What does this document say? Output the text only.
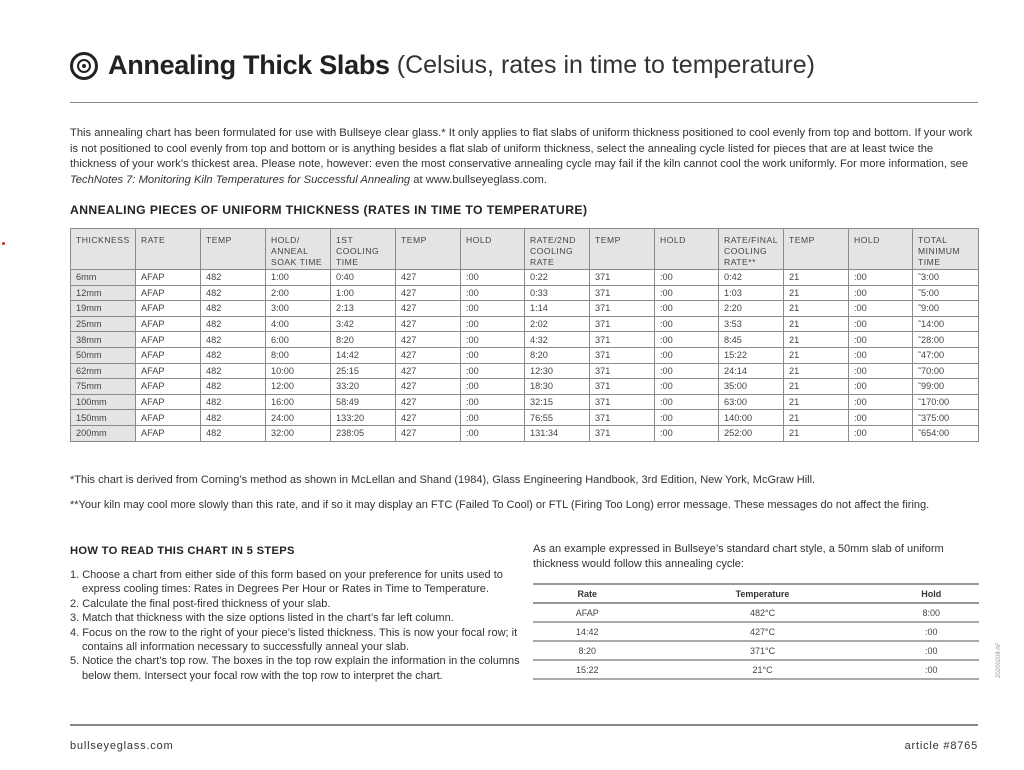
Annealing Thick Slabs (Celsius, rates in time to temperature)
This annealing chart has been formulated for use with Bullseye clear glass.* It only applies to flat slabs of uniform thickness positioned to cool evenly from top and bottom. If your work is not positioned to cool evenly from top and bottom or is anything besides a flat slab of uniform thickness, select the annealing cycle listed for pieces that are at least twice the thickness of your work’s thickest area. Please note, however: even the most conservative annealing cycle may fail if the kiln cannot cool the work uniformly. For more information, see TechNotes 7: Monitoring Kiln Temperatures for Successful Annealing at www.bullseyeglass.com.
ANNEALING PIECES OF UNIFORM THICKNESS (RATES IN TIME TO TEMPERATURE)
THICKNESS	RATE	TEMP	HOLD/
ANNEAL
SOAK TIME	1ST
COOLING
TIME	TEMP	HOLD	RATE/2ND
COOLING
RATE	TEMP	HOLD	RATE/FINAL
COOLING
RATE**	TEMP	HOLD	TOTAL
MINIMUM
TIME
6mm	AFAP	482	1:00	0:40	427	:00	0:22	371	:00	0:42	21	:00	˜3:00
12mm	AFAP	482	2:00	1:00	427	:00	0:33	371	:00	1:03	21	:00	˜5:00
19mm	AFAP	482	3:00	2:13	427	:00	1:14	371	:00	2:20	21	:00	˜9:00
25mm	AFAP	482	4:00	3:42	427	:00	2:02	371	:00	3:53	21	:00	˜14:00
38mm	AFAP	482	6:00	8:20	427	:00	4:32	371	:00	8:45	21	:00	˜28:00
50mm	AFAP	482	8:00	14:42	427	:00	8:20	371	:00	15:22	21	:00	˜47:00
62mm	AFAP	482	10:00	25:15	427	:00	12:30	371	:00	24:14	21	:00	˜70:00
75mm	AFAP	482	12:00	33:20	427	:00	18:30	371	:00	35:00	21	:00	˜99:00
100mm	AFAP	482	16:00	58:49	427	:00	32:15	371	:00	63:00	21	:00	˜170:00
150mm	AFAP	482	24:00	133:20	427	:00	76:55	371	:00	140:00	21	:00	˜375:00
200mm	AFAP	482	32:00	238:05	427	:00	131:34	371	:00	252:00	21	:00	˜654:00
*This chart is derived from Corning’s method as shown in McLellan and Shand (1984), Glass Engineering Handbook, 3rd Edition, New York, McGraw Hill.
**Your kiln may cool more slowly than this rate, and if so it may display an FTC (Failed To Cool) or FTL (Firing Too Long) error message. These messages do not affect the firing.
HOW TO READ THIS CHART IN 5 STEPS
1. Choose a chart from either side of this form based on your preference for units used to express cooling times: Rates in Degrees Per Hour or Rates in Time to Temperature.
2. Calculate the final post-fired thickness of your slab.
3. Match that thickness with the size options listed in the chart’s far left column.
4. Focus on the row to the right of your piece’s listed thickness. This is now your focal row; it contains all information necessary to successfully anneal your slab.
5. Notice the chart’s top row. The boxes in the top row explain the information in the columns below them. Intersect your focal row with the top row to interpret the chart.
As an example expressed in Bullseye’s standard chart style, a 50mm slab of uniform thickness would follow this annealing cycle:
Rate	Temperature	Hold
AFAP	482°C	8:00
14:42	427°C	:00
8:20	371°C	:00
15:22	21°C	:00
bullseyeglass.com	article #8765
20200208 AF
